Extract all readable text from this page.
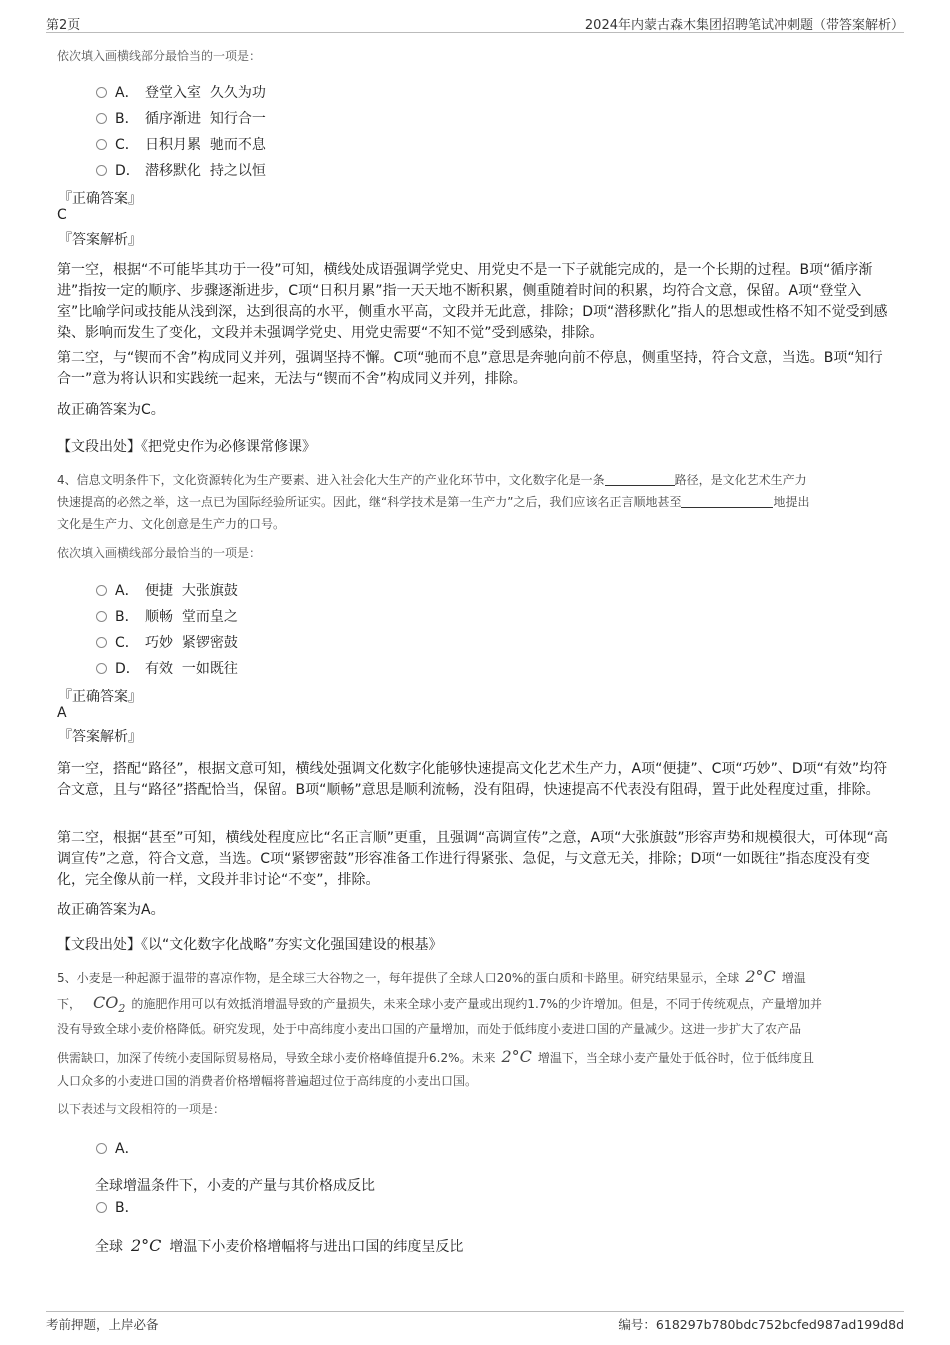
第2页	2024年内蒙古森木集团招聘笔试冲刺题（带答案解析）
依次填入画横线部分最恰当的一项是：
A． 登堂入室  久久为功
B． 循序渐进  知行合一
C． 日积月累  驰而不息
D． 潜移默化  持之以恒
『正确答案』
C
『答案解析』
第一空，根据“不可能毕其功于一役”可知，横线处成语强调学党史、用党史不是一下子就能完成的，是一个长期的过程。B项“循序渐进”指按一定的顺序、步骤逐渐进步，C项“日积月累”指一天天地不断积累，侧重随着时间的积累，均符合文意，保留。A项“登堂入室”比喻学问或技能从浅到深，达到很高的水平，侧重水平高，文段并无此意，排除；D项“潜移默化”指人的思想或性格不知不觉受到感染、影响而发生了变化，文段并未强调学党史、用党史需要“不知不觉”受到感染，排除。
第二空，与“锲而不舍”构成同义并列，强调坚持不懈。C项“驰而不息”意思是奔驰向前不停息，侧重坚持，符合文意，当选。B项“知行合一”意为将认识和实践统一起来，无法与“锲而不舍”构成同义并列，排除。
故正确答案为C。
【文段出处】《把党史作为必修课常修课》
4、信息文明条件下，文化资源转化为生产要素、进入社会化大生产的产业化环节中，文化数字化是一条	路径，是文化艺术生产力
快速提高的必然之举，这一点已为国际经验所证实。因此，继“科学技术是第一生产力”之后，我们应该名正言顺地甚至	地提出
文化是生产力、文化创意是生产力的口号。
依次填入画横线部分最恰当的一项是：
A． 便捷  大张旗鼓
B． 顺畅  堂而皇之
C． 巧妙  紧锣密鼓
D． 有效  一如既往
『正确答案』
A
『答案解析』
第一空，搭配“路径”，根据文意可知，横线处强调文化数字化能够快速提高文化艺术生产力，A项“便捷”、C项“巧妙”、D项“有效”均符合文意，且与“路径”搭配恰当，保留。B项“顺畅”意思是顺利流畅，没有阻碍，快速提高不代表没有阻碍，置于此处程度过重，排除。
第二空，根据“甚至”可知，横线处程度应比“名正言顺”更重，且强调“高调宣传”之意，A项“大张旗鼓”形容声势和规模很大，可体现“高调宣传”之意，符合文意，当选。C项“紧锣密鼓”形容准备工作进行得紧张、急促，与文意无关，排除；D项“一如既往”指态度没有变化，完全像从前一样，文段并非讨论“不变”，排除。
故正确答案为A。
【文段出处】《以“文化数字化战略”夯实文化强国建设的根基》
5、小麦是一种起源于温带的喜凉作物，是全球三大谷物之一，每年提供了全球人口20%的蛋白质和卡路里。研究结果显示，全球 2°C 增温
下， $CO_2$ 的施肥作用可以有效抵消增温导致的产量损失，未来全球小麦产量或出现约1.7%的少许增加。但是，不同于传统观点，产量增加并
没有导致全球小麦价格降低。研究发现，处于中高纬度小麦出口国的产量增加，而处于低纬度小麦进口国的产量减少。这进一步扩大了农产品
供需缺口，加深了传统小麦国际贸易格局，导致全球小麦价格峰值提升6.2%。未来 2°C 增温下，当全球小麦产量处于低谷时，位于低纬度且
人口众多的小麦进口国的消费者价格增幅将普遍超过位于高纬度的小麦出口国。
以下表述与文段相符的一项是：
A．
全球增温条件下，小麦的产量与其价格成反比
B．
全球 2°C 增温下小麦价格增幅将与进出口国的纬度呈反比
考前押题，上岸必备	编号：618297b780bdc752bcfed987ad199d8d
